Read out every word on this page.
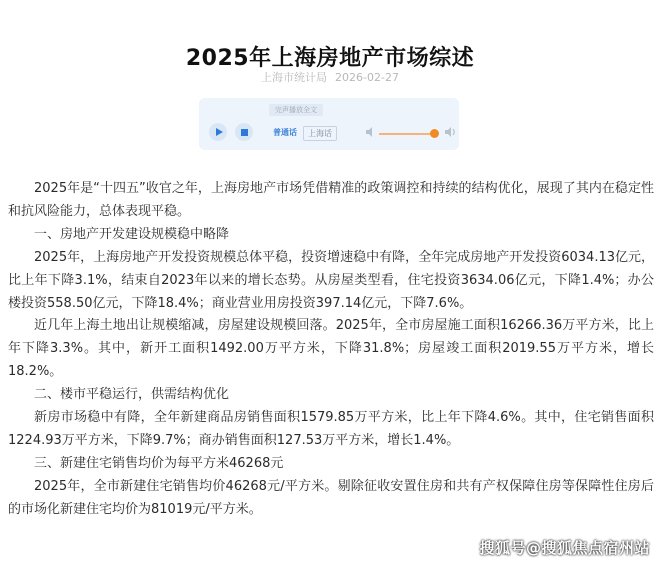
2025年上海房地产市场综述
上海市统计局 2026-02-27
完声播放全文
普通话	上海话

2025年是“十四五”收官之年，上海房地产市场凭借精准的政策调控和持续的结构优化，展现了其内在稳定性和抗风险能力，总体表现平稳。

一、房地产开发建设规模稳中略降

2025年，上海房地产开发投资规模总体平稳，投资增速稳中有降，全年完成房地产开发投资6034.13亿元，比上年下降3.1%，结束自2023年以来的增长态势。从房屋类型看，住宅投资3634.06亿元，下降1.4%；办公楼投资558.50亿元，下降18.4%；商业营业用房投资397.14亿元，下降7.6%。

近几年上海土地出让规模缩减，房屋建设规模回落。2025年，全市房屋施工面积16266.36万平方米，比上年下降3.3%。其中，新开工面积1492.00万平方米，下降31.8%；房屋竣工面积2019.55万平方米，增长18.2%。

二、楼市平稳运行，供需结构优化

新房市场稳中有降，全年新建商品房销售面积1579.85万平方米，比上年下降4.6%。其中，住宅销售面积1224.93万平方米，下降9.7%；商办销售面积127.53万平方米，增长1.4%。

三、新建住宅销售均价为每平方米46268元

2025年，全市新建住宅销售均价46268元/平方米。剔除征收安置住房和共有产权保障住房等保障性住房后的市场化新建住宅均价为81019元/平方米。

搜狐号@搜狐焦点宿州站
